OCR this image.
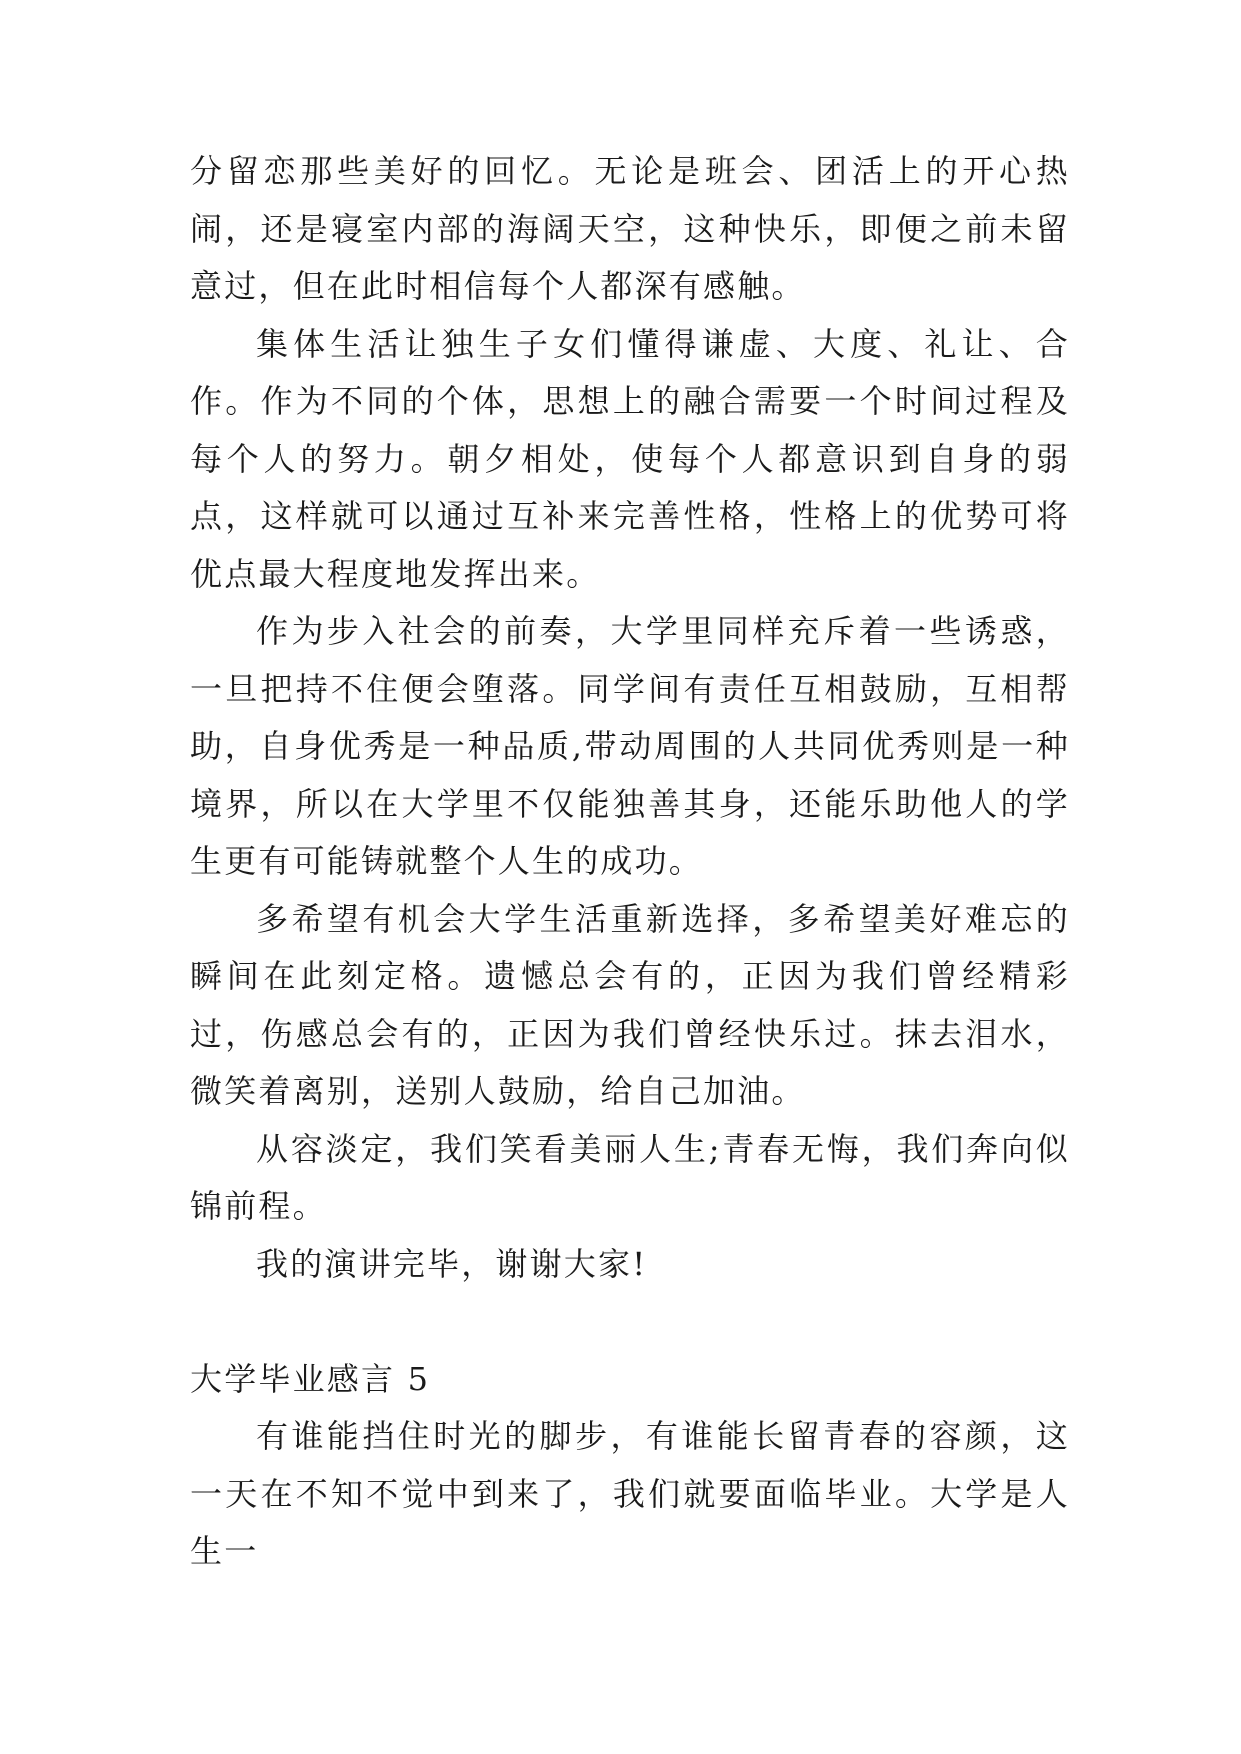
分留恋那些美好的回忆。无论是班会、团活上的开心热闹，还是寝室内部的海阔天空，这种快乐，即便之前未留意过，但在此时相信每个人都深有感触。

集体生活让独生子女们懂得谦虚、大度、礼让、合作。作为不同的个体，思想上的融合需要一个时间过程及每个人的努力。朝夕相处，使每个人都意识到自身的弱点，这样就可以通过互补来完善性格，性格上的优势可将优点最大程度地发挥出来。

作为步入社会的前奏，大学里同样充斥着一些诱惑，一旦把持不住便会堕落。同学间有责任互相鼓励，互相帮助，自身优秀是一种品质,带动周围的人共同优秀则是一种境界，所以在大学里不仅能独善其身，还能乐助他人的学生更有可能铸就整个人生的成功。

多希望有机会大学生活重新选择，多希望美好难忘的瞬间在此刻定格。遗憾总会有的，正因为我们曾经精彩过，伤感总会有的，正因为我们曾经快乐过。抹去泪水，微笑着离别，送别人鼓励，给自己加油。

从容淡定，我们笑看美丽人生;青春无悔，我们奔向似锦前程。

我的演讲完毕，谢谢大家!

大学毕业感言 5

有谁能挡住时光的脚步，有谁能长留青春的容颜，这一天在不知不觉中到来了，我们就要面临毕业。大学是人生一
